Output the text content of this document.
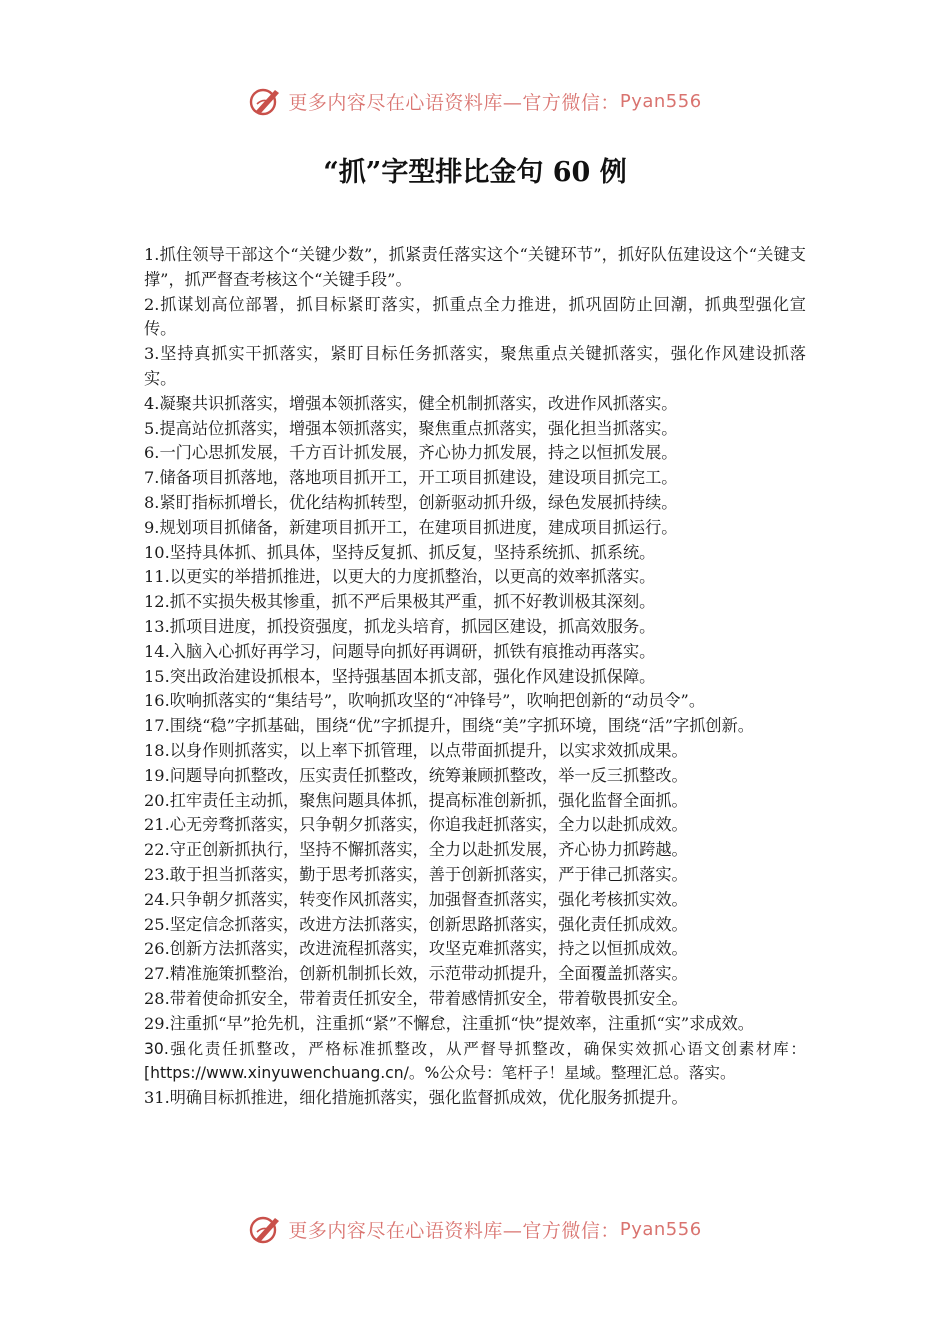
更多内容尽在心语资料库—官方微信： Pyan556
“抓”字型排比金句 60 例

1.抓住领导干部这个“关键少数”，抓紧责任落实这个“关键环节”，抓好队伍建设这个“关键支撑”，抓严督查考核这个“关键手段”。

2.抓谋划高位部署，抓目标紧盯落实，抓重点全力推进，抓巩固防止回潮，抓典型强化宣传。

3.坚持真抓实干抓落实，紧盯目标任务抓落实，聚焦重点关键抓落实，强化作风建设抓落实。

4.凝聚共识抓落实，增强本领抓落实，健全机制抓落实，改进作风抓落实。

5.提高站位抓落实，增强本领抓落实，聚焦重点抓落实，强化担当抓落实。

6.一门心思抓发展，千方百计抓发展，齐心协力抓发展，持之以恒抓发展。

7.储备项目抓落地，落地项目抓开工，开工项目抓建设，建设项目抓完工。

8.紧盯指标抓增长，优化结构抓转型，创新驱动抓升级，绿色发展抓持续。

9.规划项目抓储备，新建项目抓开工，在建项目抓进度，建成项目抓运行。

10.坚持具体抓、抓具体，坚持反复抓、抓反复，坚持系统抓、抓系统。

11.以更实的举措抓推进，以更大的力度抓整治，以更高的效率抓落实。

12.抓不实损失极其惨重，抓不严后果极其严重，抓不好教训极其深刻。

13.抓项目进度，抓投资强度，抓龙头培育，抓园区建设，抓高效服务。

14.入脑入心抓好再学习，问题导向抓好再调研，抓铁有痕推动再落实。

15.突出政治建设抓根本，坚持强基固本抓支部，强化作风建设抓保障。

16.吹响抓落实的“集结号”，吹响抓攻坚的“冲锋号”，吹响把创新的“动员令”。

17.围绕“稳”字抓基础，围绕“优”字抓提升，围绕“美”字抓环境，围绕“活”字抓创新。

18.以身作则抓落实，以上率下抓管理，以点带面抓提升，以实求效抓成果。

19.问题导向抓整改，压实责任抓整改，统筹兼顾抓整改，举一反三抓整改。

20.扛牢责任主动抓，聚焦问题具体抓，提高标准创新抓，强化监督全面抓。

21.心无旁骛抓落实，只争朝夕抓落实，你追我赶抓落实，全力以赴抓成效。

22.守正创新抓执行，坚持不懈抓落实，全力以赴抓发展，齐心协力抓跨越。

23.敢于担当抓落实，勤于思考抓落实，善于创新抓落实，严于律己抓落实。

24.只争朝夕抓落实，转变作风抓落实，加强督查抓落实，强化考核抓实效。

25.坚定信念抓落实，改进方法抓落实，创新思路抓落实，强化责任抓成效。

26.创新方法抓落实，改进流程抓落实，攻坚克难抓落实，持之以恒抓成效。

27.精准施策抓整治，创新机制抓长效，示范带动抓提升，全面覆盖抓落实。

28.带着使命抓安全，带着责任抓安全，带着感情抓安全，带着敬畏抓安全。

29.注重抓“早”抢先机，注重抓“紧”不懈怠，注重抓“快”提效率，注重抓“实”求成效。

30.强化责任抓整改，严格标准抓整改，从严督导抓整改，确保实效抓心语文创素材库：[https://www.xinyuwenchuang.cn/。%公众号：笔杆子！星域。整理汇总。落实。

31.明确目标抓推进，细化措施抓落实，强化监督抓成效，优化服务抓提升。

更多内容尽在心语资料库—官方微信： Pyan556
